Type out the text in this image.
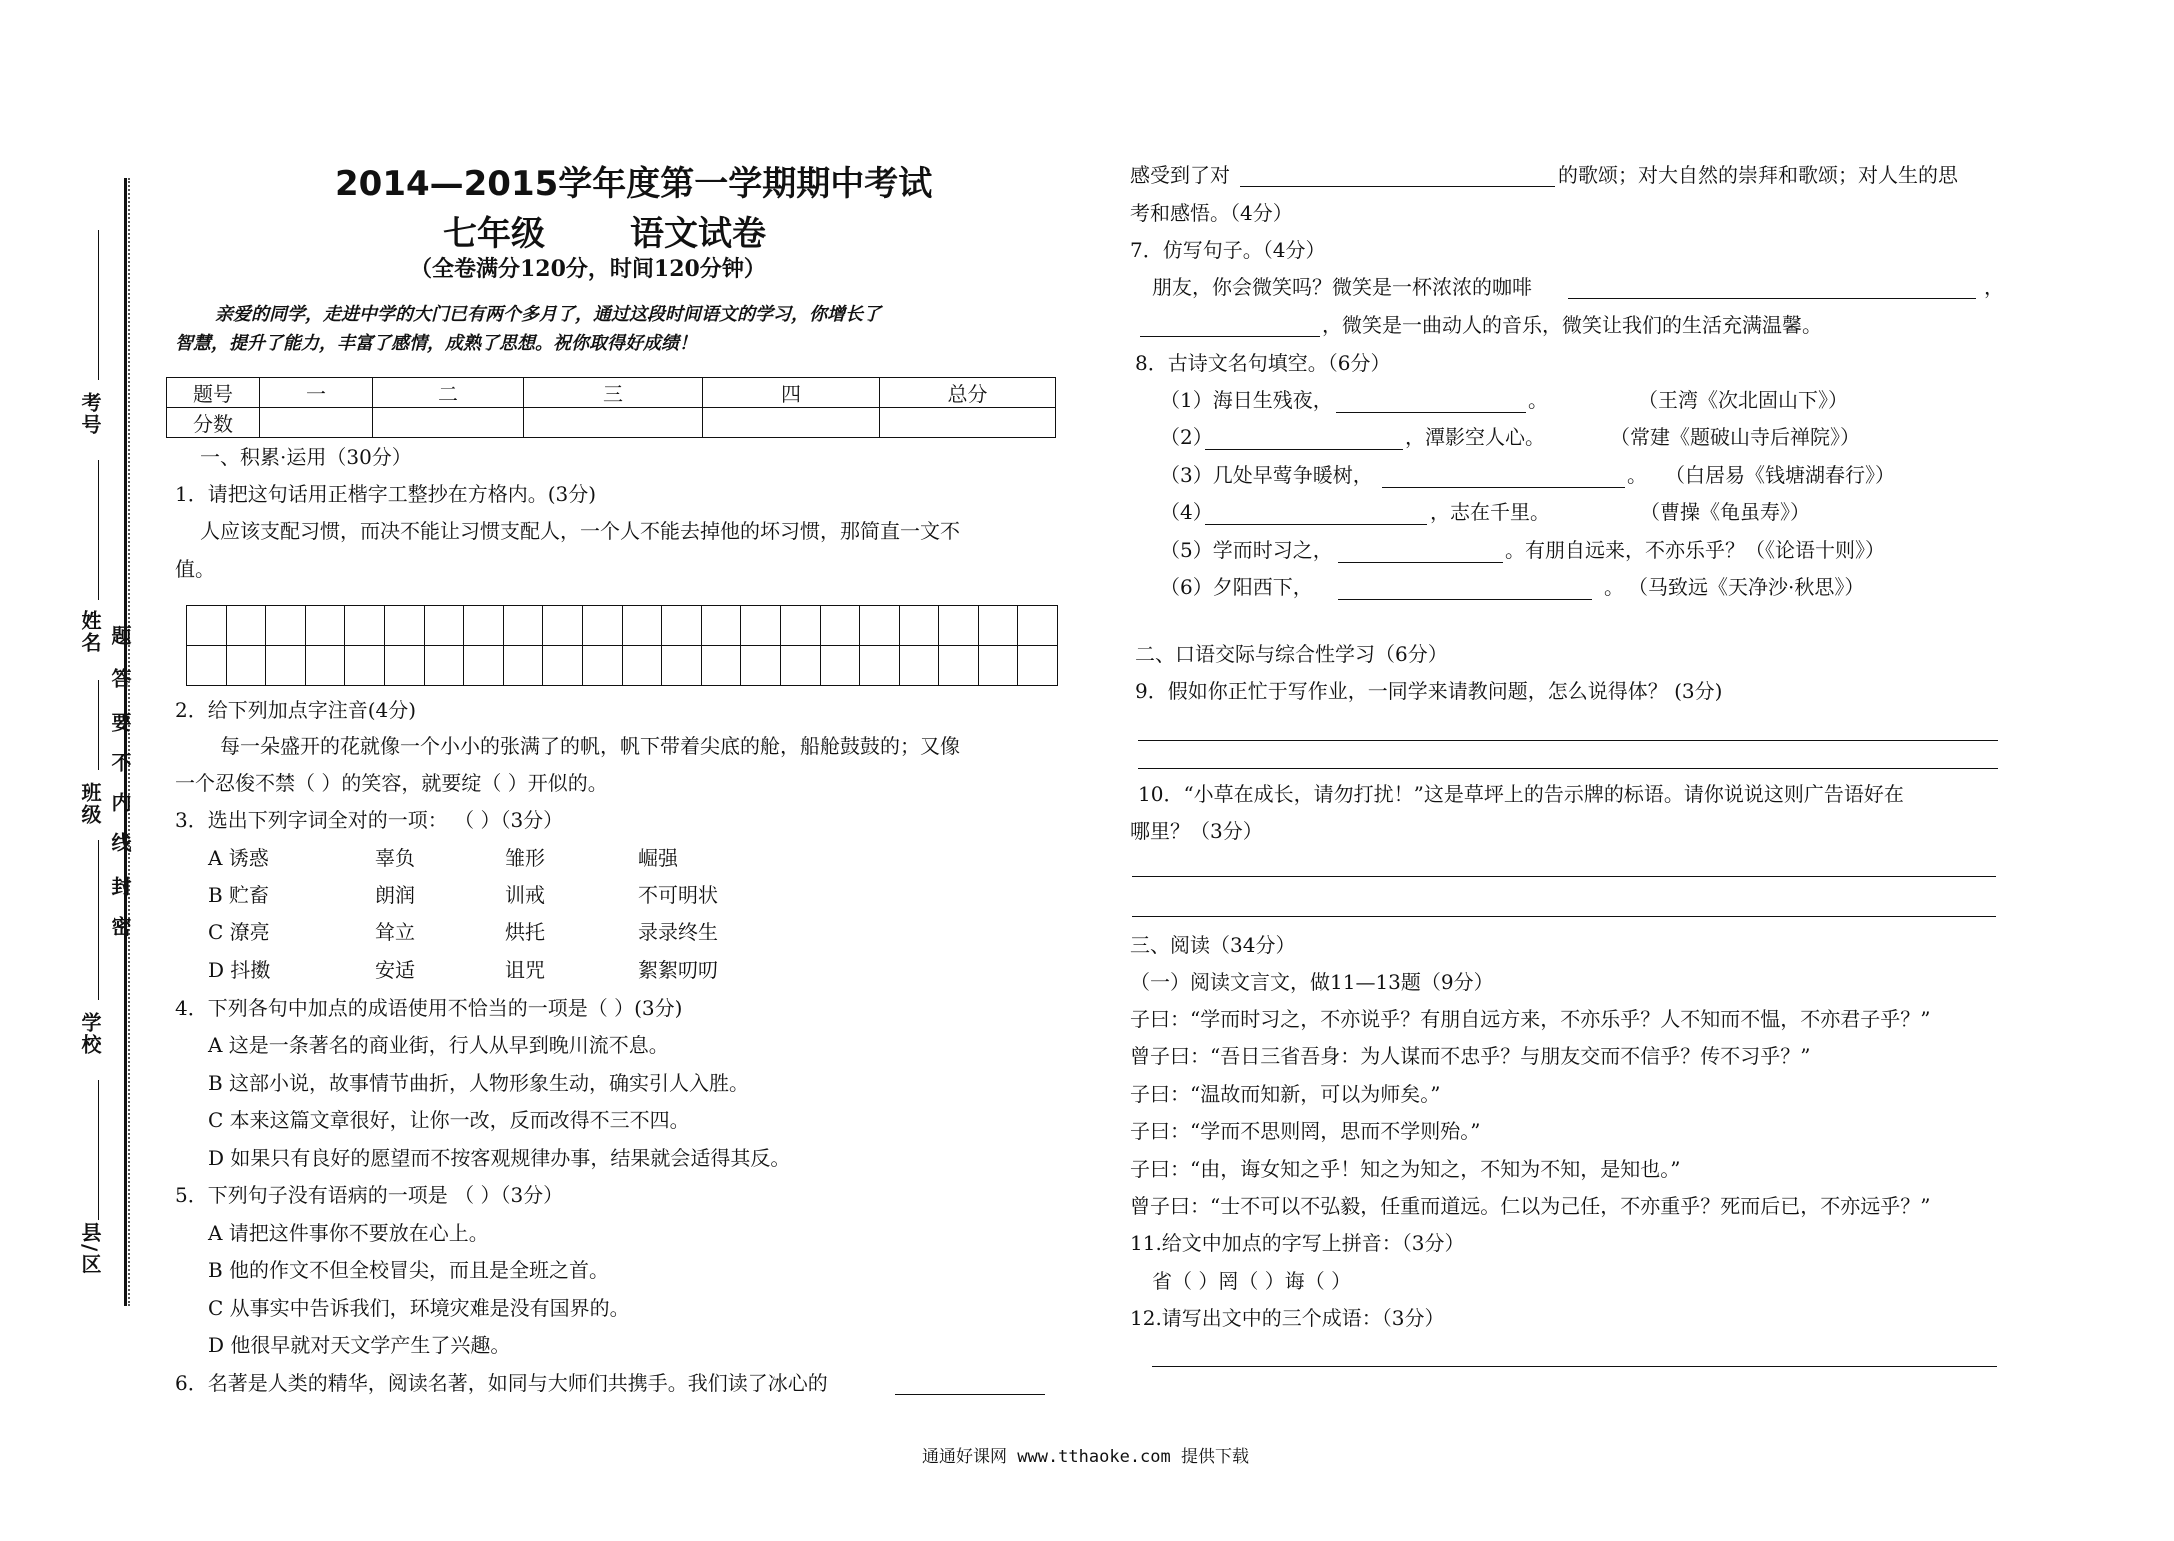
考号
姓名
班级
学校
县/区
题
答
要
不
内
线
封
密
2014—2015学年度第一学期期中考试
七年级	语文试卷
（全卷满分120分，时间120分钟）
亲爱的同学，走进中学的大门已有两个多月了，通过这段时间语文的学习，你增长了
智慧，提升了能力，丰富了感情，成熟了思想。祝你取得好成绩！
题号	一	二	三	四	总分
分数					
一、积累·运用（30分）
1．请把这句话用正楷字工整抄在方格内。(3分)
人应该支配习惯，而决不能让习惯支配人，一个人不能去掉他的坏习惯，那简直一文不
值。

2．给下列加点字注音(4分)
每一朵盛开的花就像一个小小的张满了的帆，帆下带着尖底的舱，船舱鼓鼓的；又像
一个忍俊不禁（ ）的笑容，就要绽（ ）开似的。
3．选出下列字词全对的一项： （ ）（3分）
A 诱惑	辜负	雏形	崛强
B 贮畜	朗润	训戒	不可明状
C 潦亮	耸立	烘托	录录终生
D 抖擞	安适	诅咒	絮絮叨叨
4．下列各句中加点的成语使用不恰当的一项是（ ）(3分)
A 这是一条著名的商业街，行人从早到晚川流不息。
B 这部小说，故事情节曲折，人物形象生动，确实引人入胜。
C 本来这篇文章很好，让你一改，反而改得不三不四。
D 如果只有良好的愿望而不按客观规律办事，结果就会适得其反。
5．下列句子没有语病的一项是 （ ）（3分）
A 请把这件事你不要放在心上。
B 他的作文不但全校冒尖，而且是全班之首。
C 从事实中告诉我们，环境灾难是没有国界的。
D 他很早就对天文学产生了兴趣。
6．名著是人类的精华，阅读名著，如同与大师们共携手。我们读了冰心的
感受到了对	的歌颂；对大自然的崇拜和歌颂；对人生的思
考和感悟。（4分）
7．仿写句子。（4分）
朋友，你会微笑吗？微笑是一杯浓浓的咖啡	，
，微笑是一曲动人的音乐，微笑让我们的生活充满温馨。
8．古诗文名句填空。（6分）
（1）海日生残夜，	。	（王湾《次北固山下》）
（2）	，潭影空人心。	（常建《题破山寺后禅院》）
（3）几处早莺争暖树，	。 （白居易《钱塘湖春行》）
（4）	，志在千里。	（曹操《龟虽寿》）
（5）学而时习之，	。有朋自远来，不亦乐乎？（《论语十则》）
（6）夕阳西下，	。 （马致远《天净沙·秋思》）
二、口语交际与综合性学习（6分）
9．假如你正忙于写作业，一同学来请教问题，怎么说得体？ (3分)
10．“小草在成长，请勿打扰！”这是草坪上的告示牌的标语。请你说说这则广告语好在
哪里？（3分）
三、阅读（34分）
（一）阅读文言文，做11—13题（9分）
子曰：“学而时习之，不亦说乎？有朋自远方来，不亦乐乎？人不知而不愠，不亦君子乎？”
曾子曰：“吾日三省吾身：为人谋而不忠乎？与朋友交而不信乎？传不习乎？”
子曰：“温故而知新，可以为师矣。”
子曰：“学而不思则罔，思而不学则殆。”
子曰：“由，诲女知之乎！知之为知之，不知为不知，是知也。”
曾子曰：“士不可以不弘毅，任重而道远。仁以为己任，不亦重乎？死而后已，不亦远乎？”
11.给文中加点的字写上拼音：（3分）
省（ ）罔（ ）诲（ ）
12.请写出文中的三个成语：（3分）
通通好课网 www.tthaoke.com 提供下载
